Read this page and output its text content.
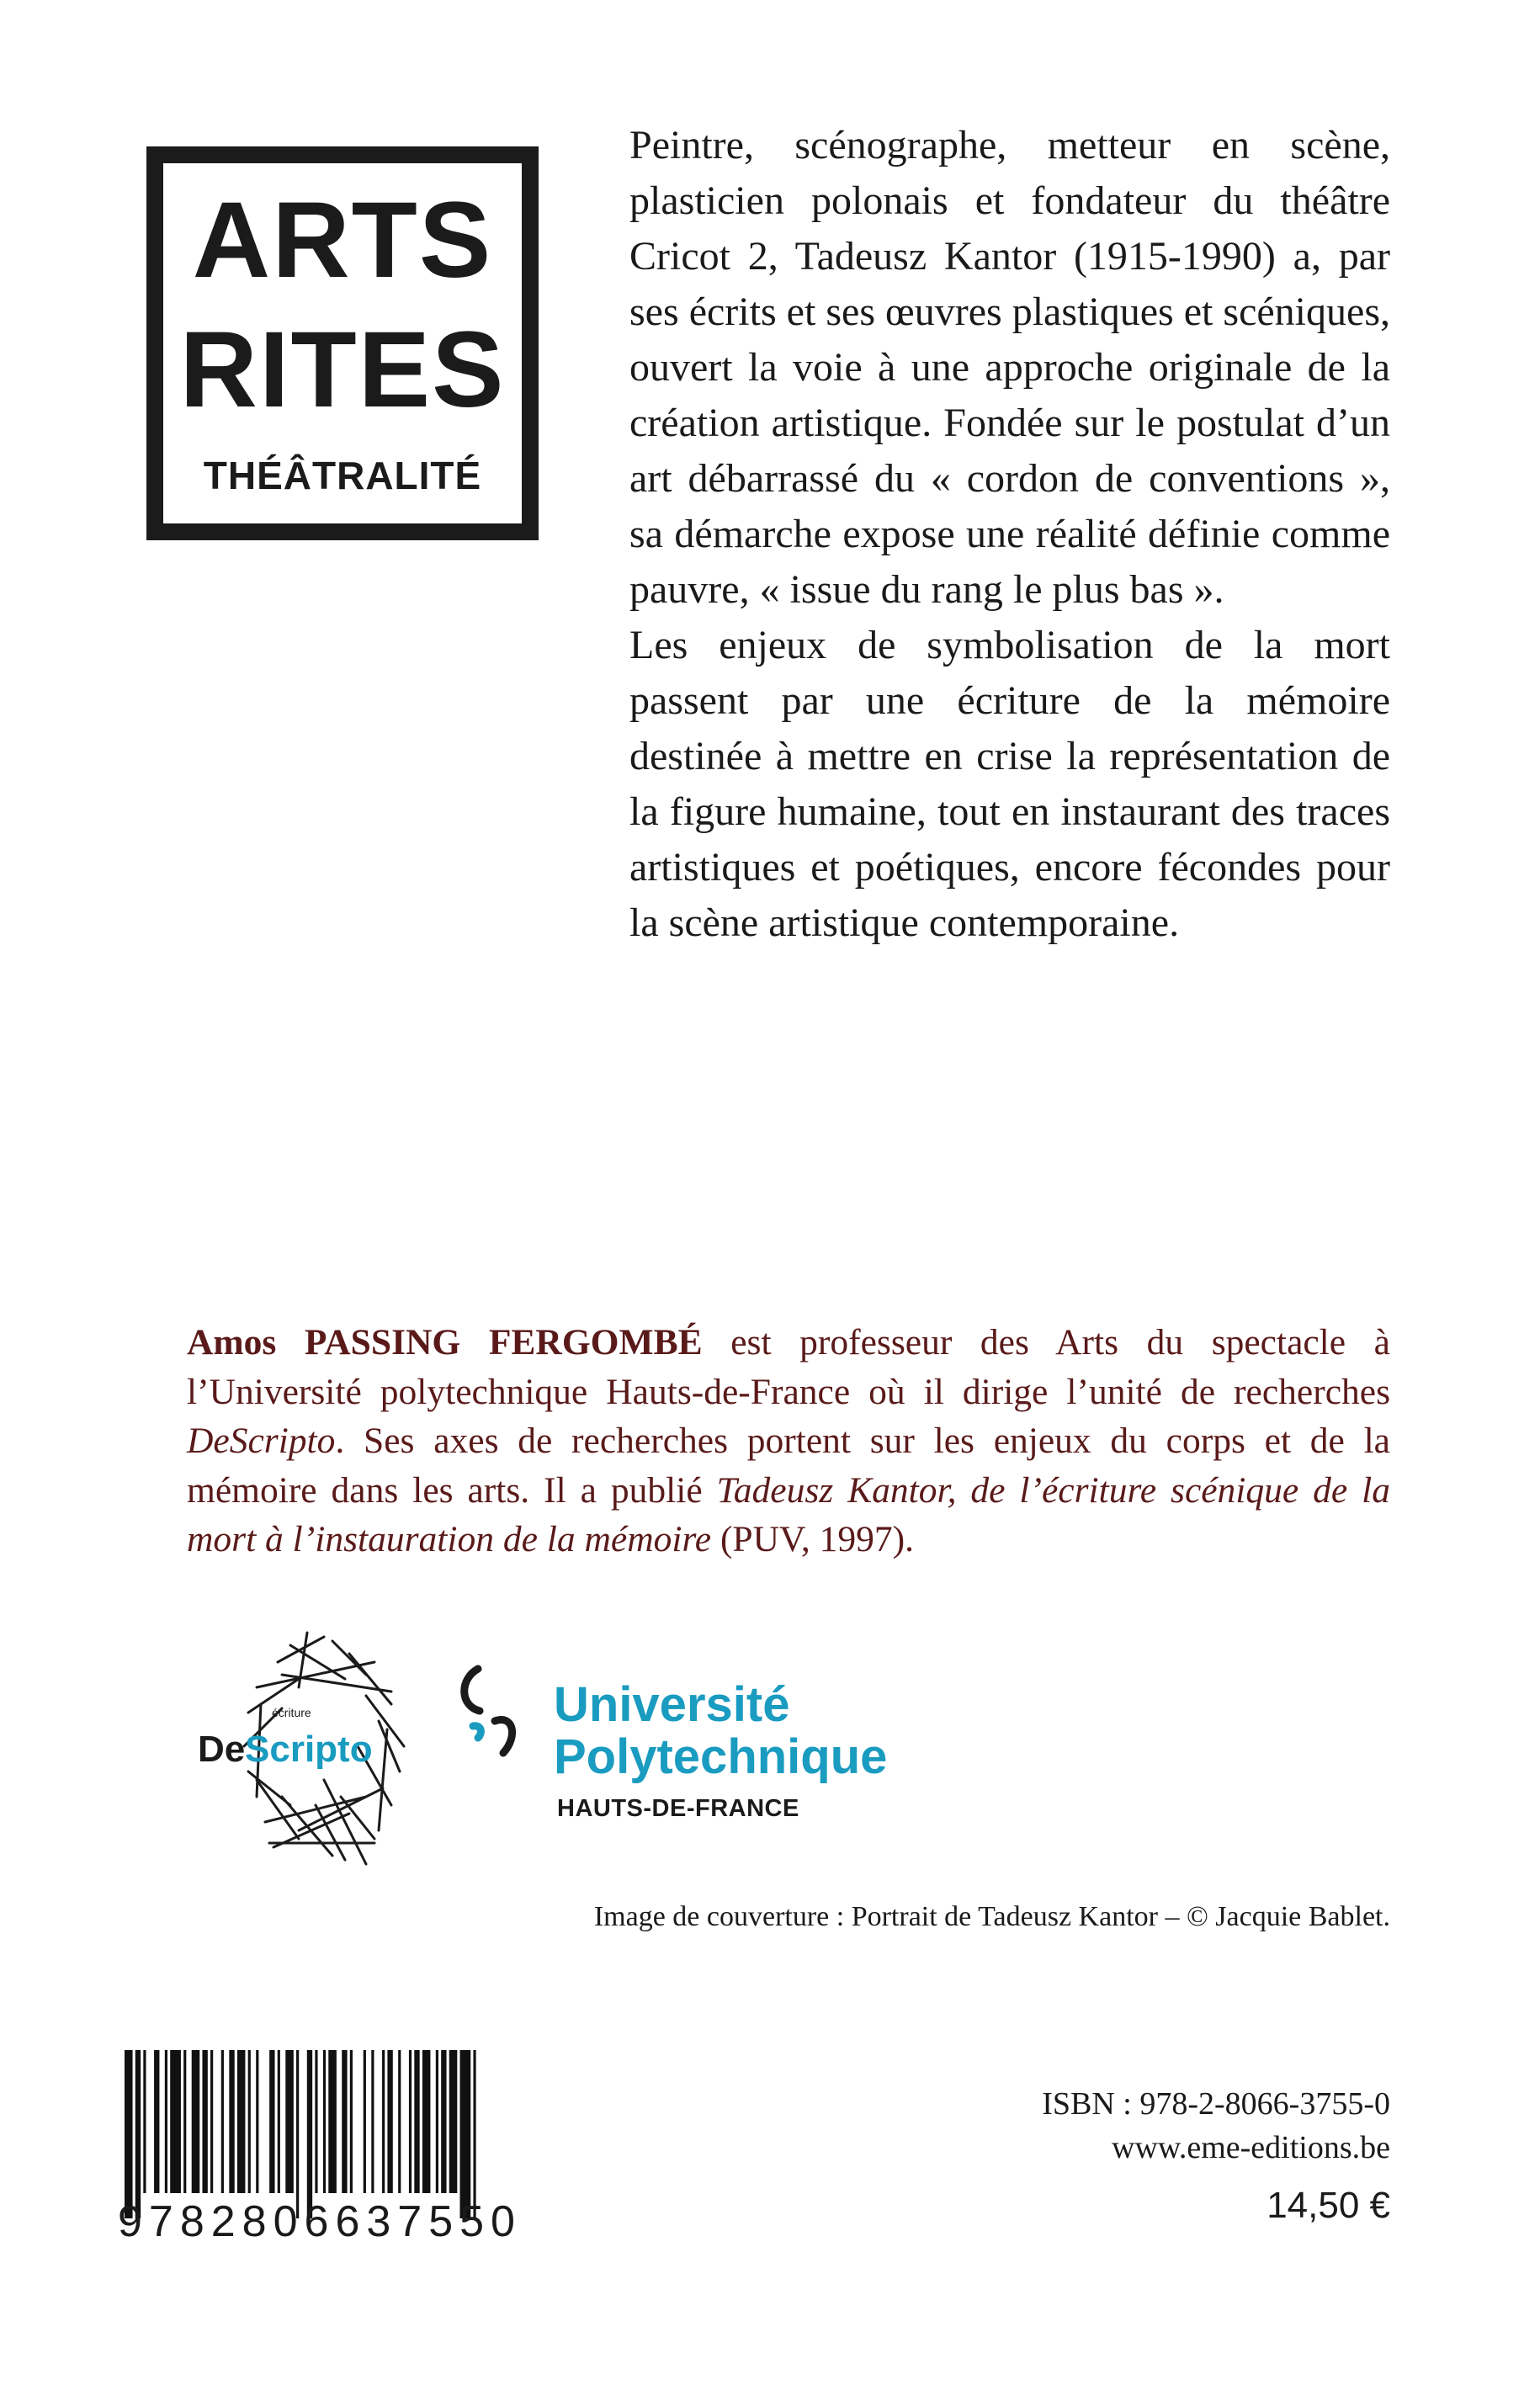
ARTS
RITES
THÉÂTRALITÉ

Peintre, scénographe, metteur en scène, plasticien polonais et fondateur du théâtre Cricot 2, Tadeusz Kantor (1915-1990) a, par ses écrits et ses œuvres plastiques et scéniques, ouvert la voie à une approche originale de la création artistique. Fondée sur le postulat d’un art débarrassé du « cordon de conventions », sa démarche expose une réalité définie comme pauvre, « issue du rang le plus bas ».

Les enjeux de symbolisation de la mort passent par une écriture de la mémoire destinée à mettre en crise la représentation de la figure humaine, tout en instaurant des traces artistiques et poétiques, encore fécondes pour la scène artistique contemporaine.

Amos PASSING FERGOMBÉ est professeur des Arts du spectacle à l’Université polytechnique Hauts-de-France où il dirige l’unité de recherches DeScripto. Ses axes de recherches portent sur les enjeux du corps et de la mémoire dans les arts. Il a publié Tadeusz Kantor, de l’écriture scénique de la mort à l’instauration de la mémoire (PUV, 1997).

écriture
De Scripto
Université
Polytechnique
HAUTS-DE-FRANCE
Image de couverture : Portrait de Tadeusz Kantor – © Jacquie Bablet.
9782806637550
ISBN : 978-2-8066-3755-0
www.eme-editions.be
14,50 €
